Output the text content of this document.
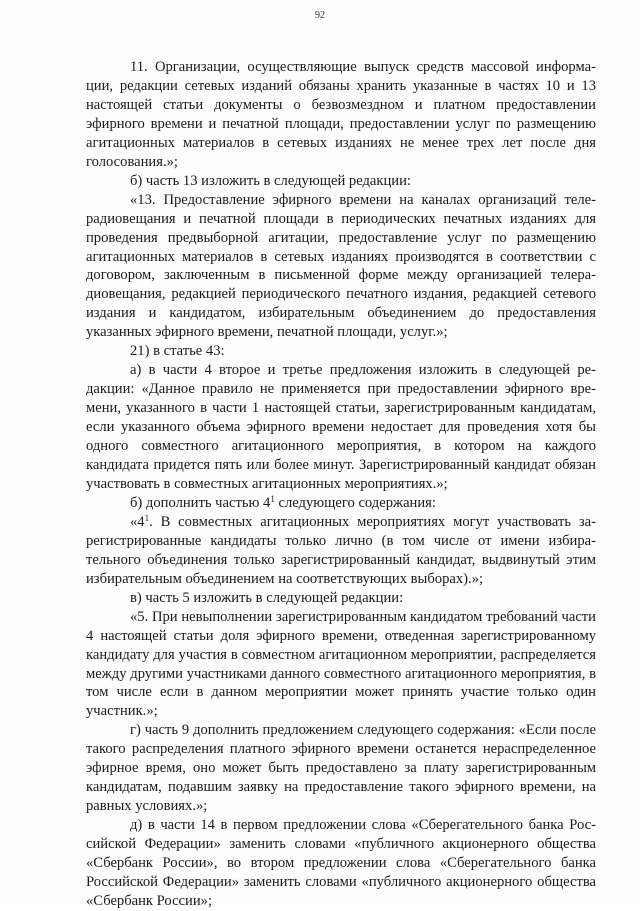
92

11. Организации, осуществляющие выпуск средств массовой информации, редакции сетевых изданий обязаны хранить указанные в частях 10 и 13 настоящей статьи документы о безвозмездном и платном предоставлении эфирного времени и печатной площади, предоставлении услуг по размещению агитационных материалов в сетевых изданиях не менее трех лет после дня голосования.»;

б) часть 13 изложить в следующей редакции:

«13. Предоставление эфирного времени на каналах организаций телерадиовещания и печатной площади в периодических печатных изданиях для проведения предвыборной агитации, предоставление услуг по размещению агитационных материалов в сетевых изданиях производятся в соответствии с договором, заключенным в письменной форме между организацией телерадиовещания, редакцией периодического печатного издания, редакцией сетевого издания и кандидатом, избирательным объединением до предоставления указанных эфирного времени, печатной площади, услуг.»;

21) в статье 43:

а) в части 4 второе и третье предложения изложить в следующей редакции: «Данное правило не применяется при предоставлении эфирного времени, указанного в части 1 настоящей статьи, зарегистрированным кандидатам, если указанного объема эфирного времени недостает для проведения хотя бы одного совместного агитационного мероприятия, в котором на каждого кандидата придется пять или более минут. Зарегистрированный кандидат обязан участвовать в совместных агитационных мероприятиях.»;

б) дополнить частью $4^1$ следующего содержания:

«$4^1$. В совместных агитационных мероприятиях могут участвовать зарегистрированные кандидаты только лично (в том числе от имени избирательного объединения только зарегистрированный кандидат, выдвинутый этим избирательным объединением на соответствующих выборах).»;

в) часть 5 изложить в следующей редакции:

«5. При невыполнении зарегистрированным кандидатом требований части 4 настоящей статьи доля эфирного времени, отведенная зарегистрированному кандидату для участия в совместном агитационном мероприятии, распределяется между другими участниками данного совместного агитационного мероприятия, в том числе если в данном мероприятии может принять участие только один участник.»;

г) часть 9 дополнить предложением следующего содержания: «Если после такого распределения платного эфирного времени останется нераспределенное эфирное время, оно может быть предоставлено за плату зарегистрированным кандидатам, подавшим заявку на предоставление такого эфирного времени, на равных условиях.»;

д) в части 14 в первом предложении слова «Сберегательного банка Российской Федерации» заменить словами «публичного акционерного общества «Сбербанк России», во втором предложении слова «Сберегательного банка Российской Федерации» заменить словами «публичного акционерного общества «Сбербанк России»;
